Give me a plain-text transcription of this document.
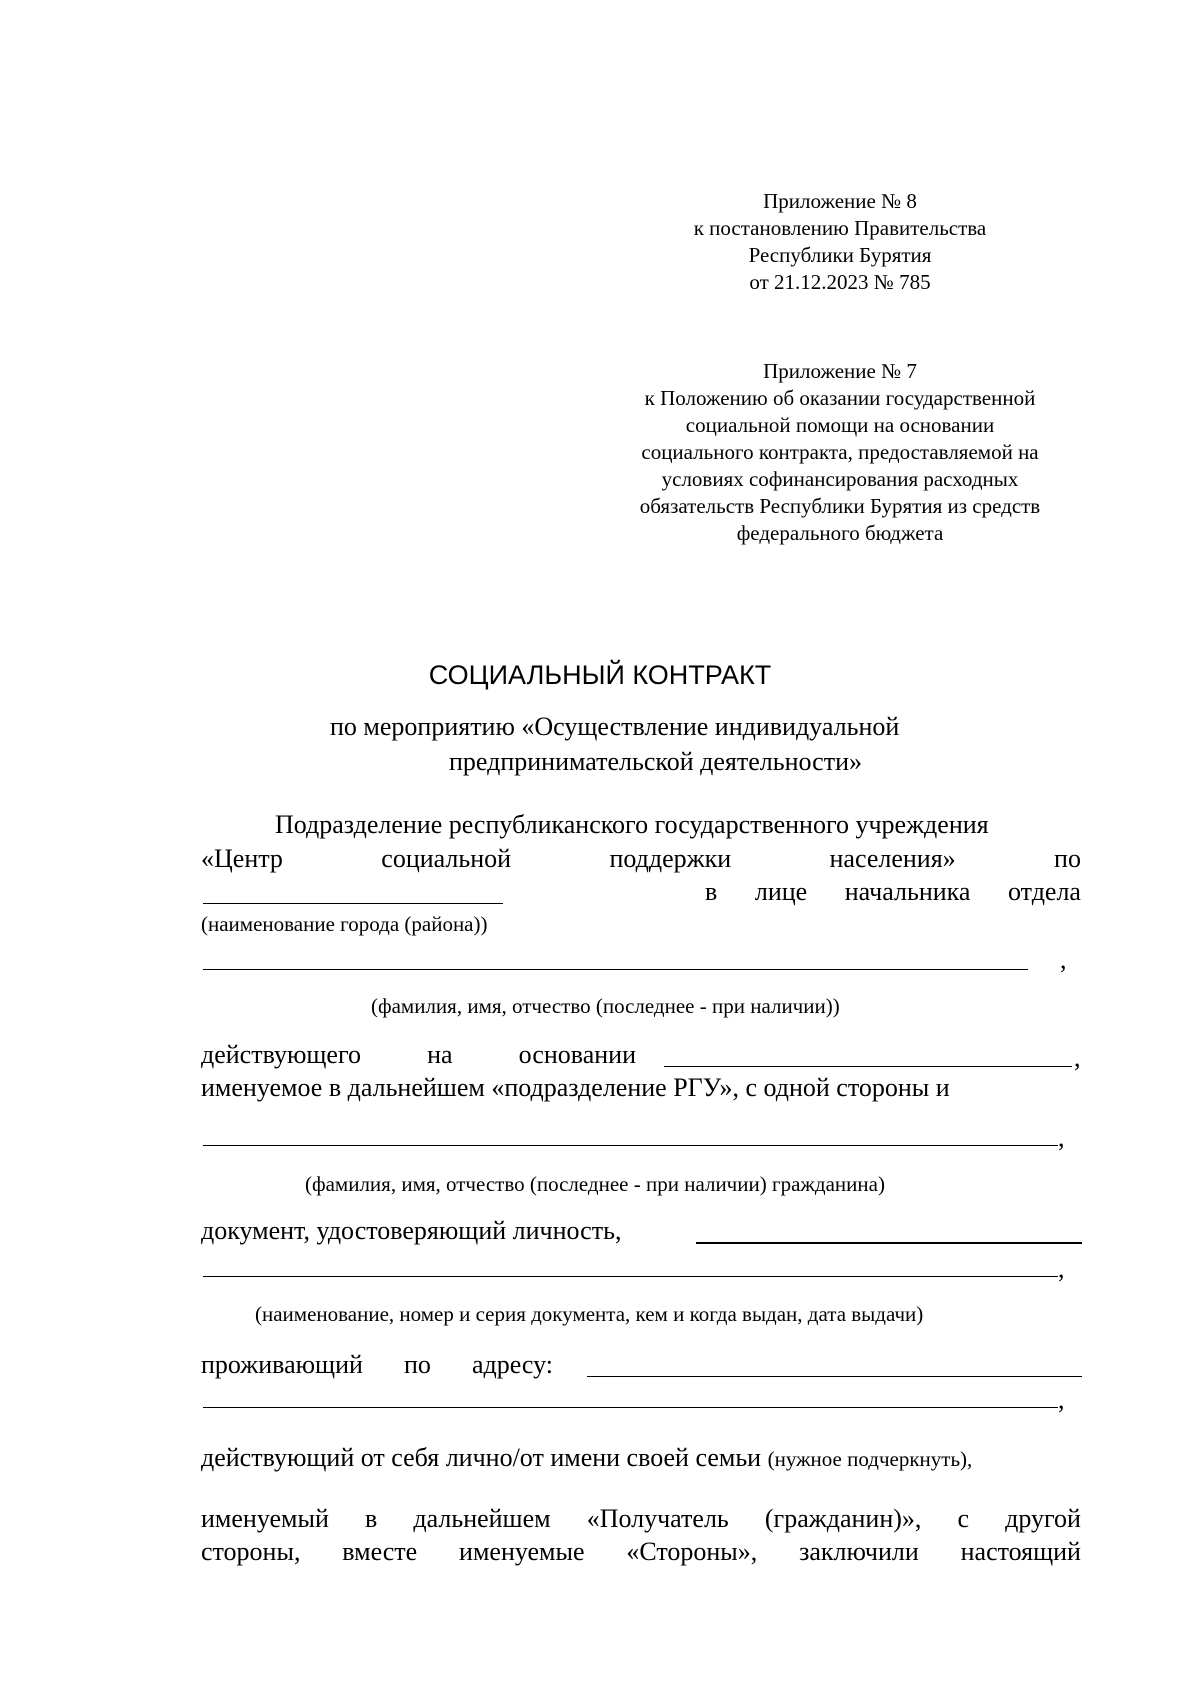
Приложение № 8
к постановлению Правительства
Республики Бурятия
от 21.12.2023 № 785
Приложение № 7
к Положению об оказании государственной
социальной помощи на основании
социального контракта, предоставляемой на
условиях софинансирования расходных
обязательств Республики Бурятия из средств
федерального бюджета
СОЦИАЛЬНЫЙ КОНТРАКТ
по мероприятию «Осуществление индивидуальной
предпринимательской деятельности»
Подразделение республиканского государственного учреждения
«Центр	социальной	поддержки	населения»	по
в лице начальника отдела
(наименование города (района))
,
(фамилия, имя, отчество (последнее - при наличии))
действующего	на	основании	,
именуемое в дальнейшем «подразделение РГУ», с одной стороны и
,
(фамилия, имя, отчество (последнее - при наличии) гражданина)
документ, удостоверяющий личность,
,
(наименование, номер и серия документа, кем и когда выдан, дата выдачи)
проживающий по адресу:
,
действующий от себя лично/от имени своей семьи (нужное подчеркнуть),
именуемый в дальнейшем «Получатель (гражданин)», с другой
стороны, вместе именуемые «Стороны», заключили настоящий
